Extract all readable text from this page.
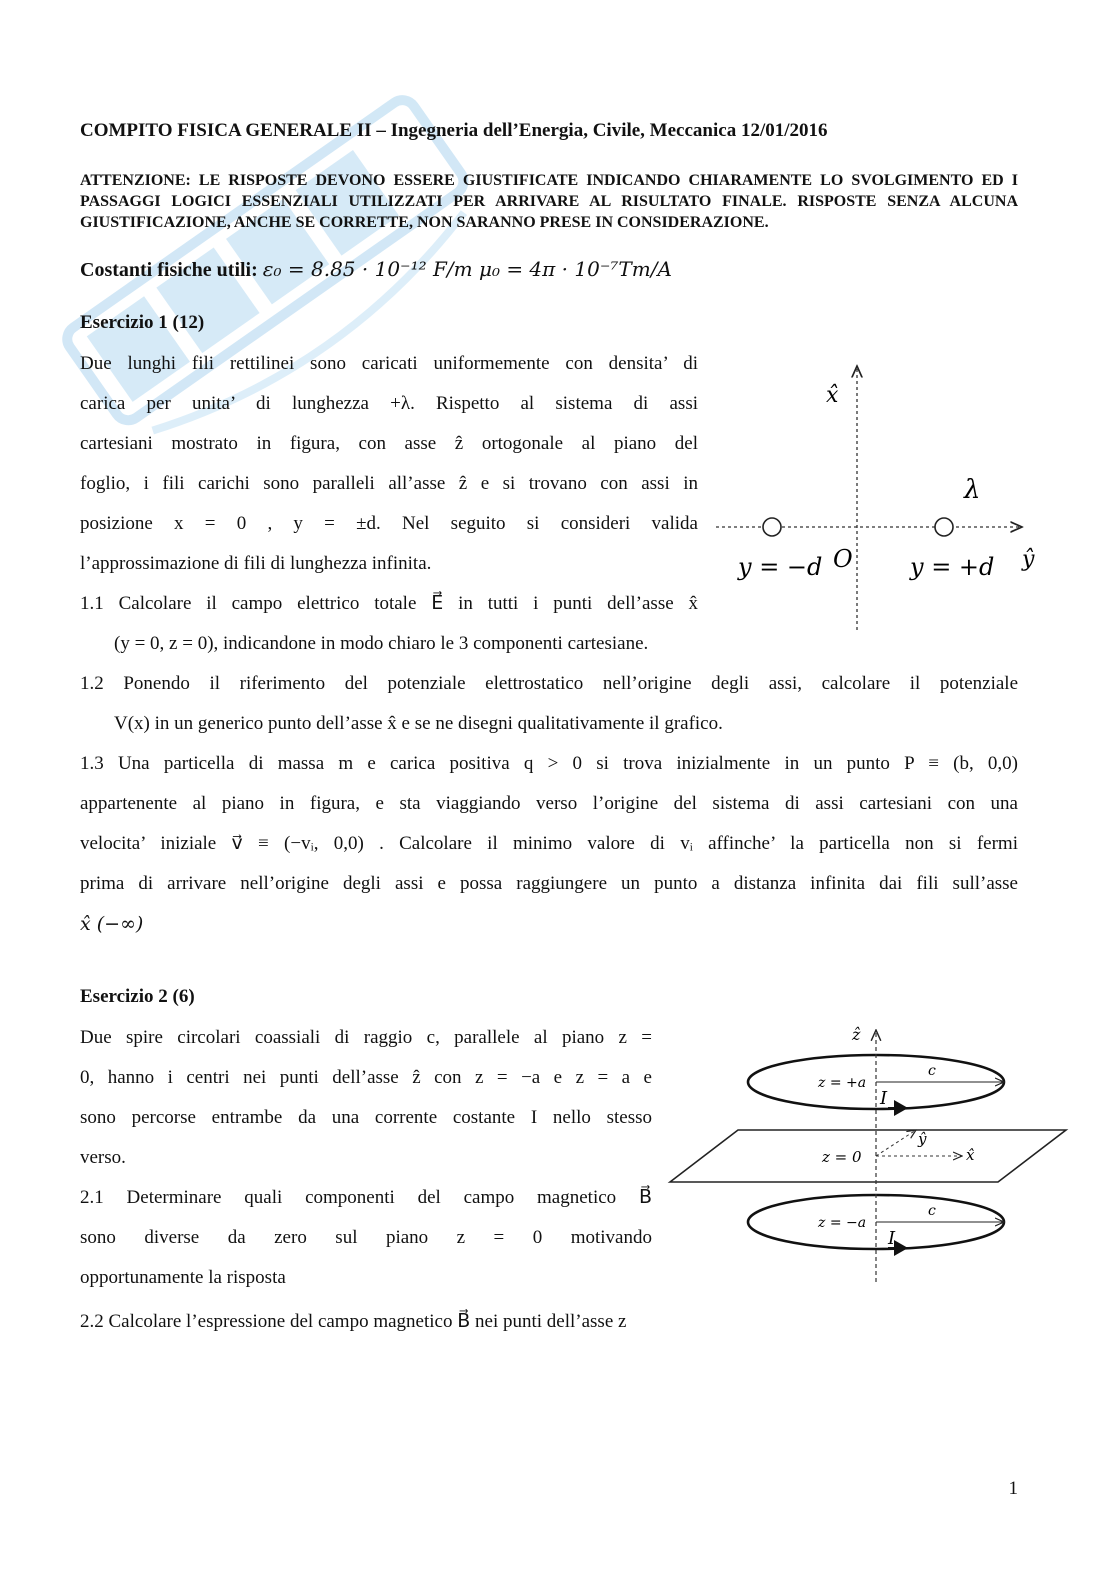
COMPITO FISICA GENERALE II – Ingegneria dell’Energia, Civile, Meccanica 12/01/2016
ATTENZIONE: LE RISPOSTE DEVONO ESSERE GIUSTIFICATE INDICANDO CHIARAMENTE LO SVOLGIMENTO ED I PASSAGGI LOGICI ESSENZIALI UTILIZZATI PER ARRIVARE AL RISULTATO FINALE. RISPOSTE SENZA ALCUNA GIUSTIFICAZIONE, ANCHE SE CORRETTE, NON SARANNO PRESE IN CONSIDERAZIONE.
Costanti fisiche utili: ε₀ = 8.85 · 10⁻¹² F/m μ₀ = 4π · 10⁻⁷Tm/A
Esercizio 1 (12)
Due lunghi fili rettilinei sono caricati uniformemente con densita’ di
carica per unita’ di lunghezza +λ. Rispetto al sistema di assi
cartesiani mostrato in figura, con asse ẑ ortogonale al piano del
foglio, i fili carichi sono paralleli all’asse ẑ e si trovano con assi in
posizione x = 0 , y = ±d. Nel seguito si consideri valida
l’approssimazione di fili di lunghezza infinita.
x̂
ŷ
λ
O
y = −d	y = +d
1.1 Calcolare il campo elettrico totale E⃗ in tutti i punti dell’asse x̂
(y = 0, z = 0), indicandone in modo chiaro le 3 componenti cartesiane.
1.2 Ponendo il riferimento del potenziale elettrostatico nell’origine degli assi, calcolare il potenziale
V(x) in un generico punto dell’asse x̂ e se ne disegni qualitativamente il grafico.
1.3 Una particella di massa m e carica positiva q > 0 si trova inizialmente in un punto P ≡ (b, 0,0)
appartenente al piano in figura, e sta viaggiando verso l’origine del sistema di assi cartesiani con una
velocita’ iniziale v⃗ ≡ (−vᵢ, 0,0) . Calcolare il minimo valore di vᵢ affinche’ la particella non si fermi
prima di arrivare nell’origine degli assi e possa raggiungere un punto a distanza infinita dai fili sull’asse
x̂ (−∞)
Esercizio 2 (6)
Due spire circolari coassiali di raggio c, parallele al piano z =
0, hanno i centri nei punti dell’asse ẑ con z = −a e z = a e
sono percorse entrambe da una corrente costante I nello stesso
verso.
2.1 Determinare quali componenti del campo magnetico B⃗
sono diverse da zero sul piano z = 0 motivando
opportunamente la risposta
2.2 Calcolare l’espressione del campo magnetico B⃗ nei punti dell’asse z
ẑ
z = +a
c
I
z = 0	x̂
ŷ
z = −a
c
I
1
